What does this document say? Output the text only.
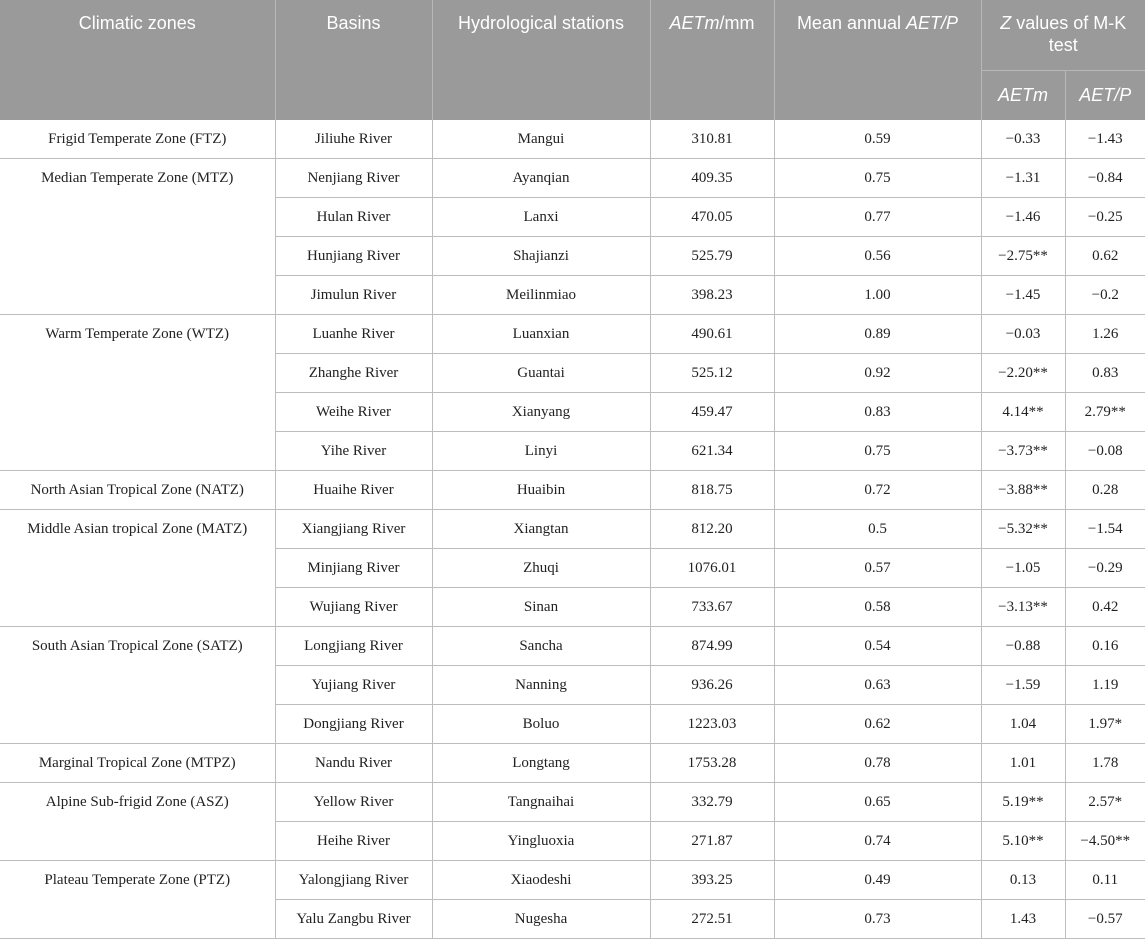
Climatic zones	Basins	Hydrological stations	AETm/mm	Mean annual AET/P	Z values of M-K test	
					AETm	AET/P
Frigid Temperate Zone (FTZ)	Jiliuhe River	Mangui	310.81	0.59	−0.33	−1.43
Median Temperate Zone (MTZ)	Nenjiang River	Ayanqian	409.35	0.75	−1.31	−0.84
	Hulan River	Lanxi	470.05	0.77	−1.46	−0.25
	Hunjiang River	Shajianzi	525.79	0.56	−2.75**	0.62
	Jimulun River	Meilinmiao	398.23	1.00	−1.45	−0.2
Warm Temperate Zone (WTZ)	Luanhe River	Luanxian	490.61	0.89	−0.03	1.26
	Zhanghe River	Guantai	525.12	0.92	−2.20**	0.83
	Weihe River	Xianyang	459.47	0.83	4.14**	2.79**
	Yihe River	Linyi	621.34	0.75	−3.73**	−0.08
North Asian Tropical Zone (NATZ)	Huaihe River	Huaibin	818.75	0.72	−3.88**	0.28
Middle Asian tropical Zone (MATZ)	Xiangjiang River	Xiangtan	812.20	0.5	−5.32**	−1.54
	Minjiang River	Zhuqi	1076.01	0.57	−1.05	−0.29
	Wujiang River	Sinan	733.67	0.58	−3.13**	0.42
South Asian Tropical Zone (SATZ)	Longjiang River	Sancha	874.99	0.54	−0.88	0.16
	Yujiang River	Nanning	936.26	0.63	−1.59	1.19
	Dongjiang River	Boluo	1223.03	0.62	1.04	1.97*
Marginal Tropical Zone (MTPZ)	Nandu River	Longtang	1753.28	0.78	1.01	1.78
Alpine Sub-frigid Zone (ASZ)	Yellow River	Tangnaihai	332.79	0.65	5.19**	2.57*
	Heihe River	Yingluoxia	271.87	0.74	5.10**	−4.50**
Plateau Temperate Zone (PTZ)	Yalongjiang River	Xiaodeshi	393.25	0.49	0.13	0.11
	Yalu Zangbu River	Nugesha	272.51	0.73	1.43	−0.57
